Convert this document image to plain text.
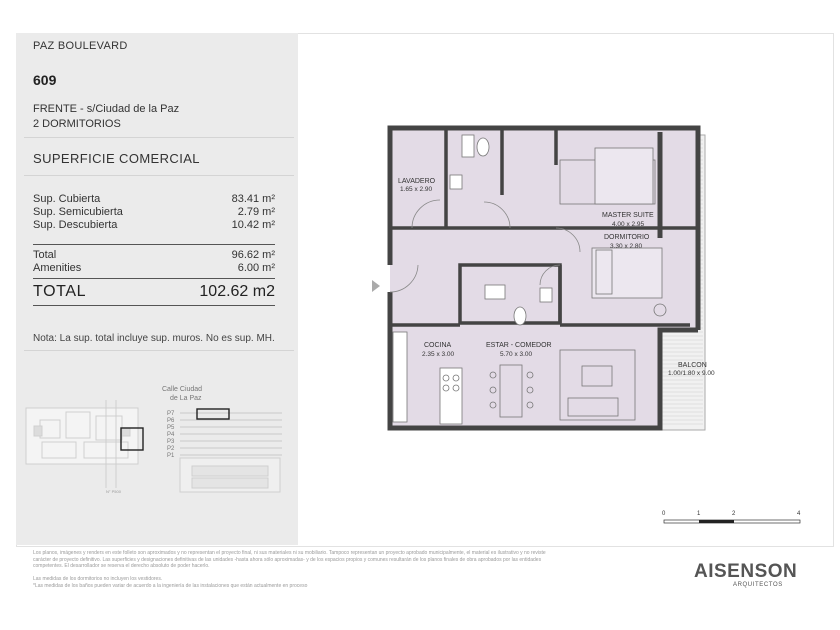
PAZ BOULEVARD
609
FRENTE - s/Ciudad de la Paz
2 DORMITORIOS
SUPERFICIE COMERCIAL
Sup. Cubierta	83.41 m²
Sup. Semicubierta	2.79 m²
Sup. Descubierta	10.42 m²
Total	96.62 m²
Amenities	6.00 m²
TOTAL	102.62 m2
Nota: La sup. total incluye sup. muros. No es sup. MH.
N° P500
Calle Ciudad
de La Paz
P7
P6
P5
P4
P3
P2
P1
LAVADERO
1.65 x 2.90
MASTER SUITE
4.00 x 2.95
DORMITORIO
3.30 x 2.80
COCINA
2.35 x 3.00
ESTAR - COMEDOR
5.70 x 3.00
BALCON
1.00/1.80 x 9.00
0	1	2	4

Los planos, imágenes y renders en este folleto son aproximados y no representan el proyecto final, ni sus materiales ni su mobiliario. Tampoco representan un proyecto aprobado municipalmente, el material es ilustrativo y no reviste

carácter de proyecto definitivo. Las superficies y designaciones definitivas de las unidades -hasta ahora sólo aproximadas- y de los espacios propios y comunes resultarán de los planos finales de obra aprobados por las entidades

competentes. El desarrollador se reserva el derecho absoluto de poder hacerlo.

Las medidas de los dormitorios no incluyen los vestidores.

*Las medidas de los baños pueden variar de acuerdo a la ingeniería de las instalaciones que están actualmente en proceso

AISENSON
ARQUITECTOS
